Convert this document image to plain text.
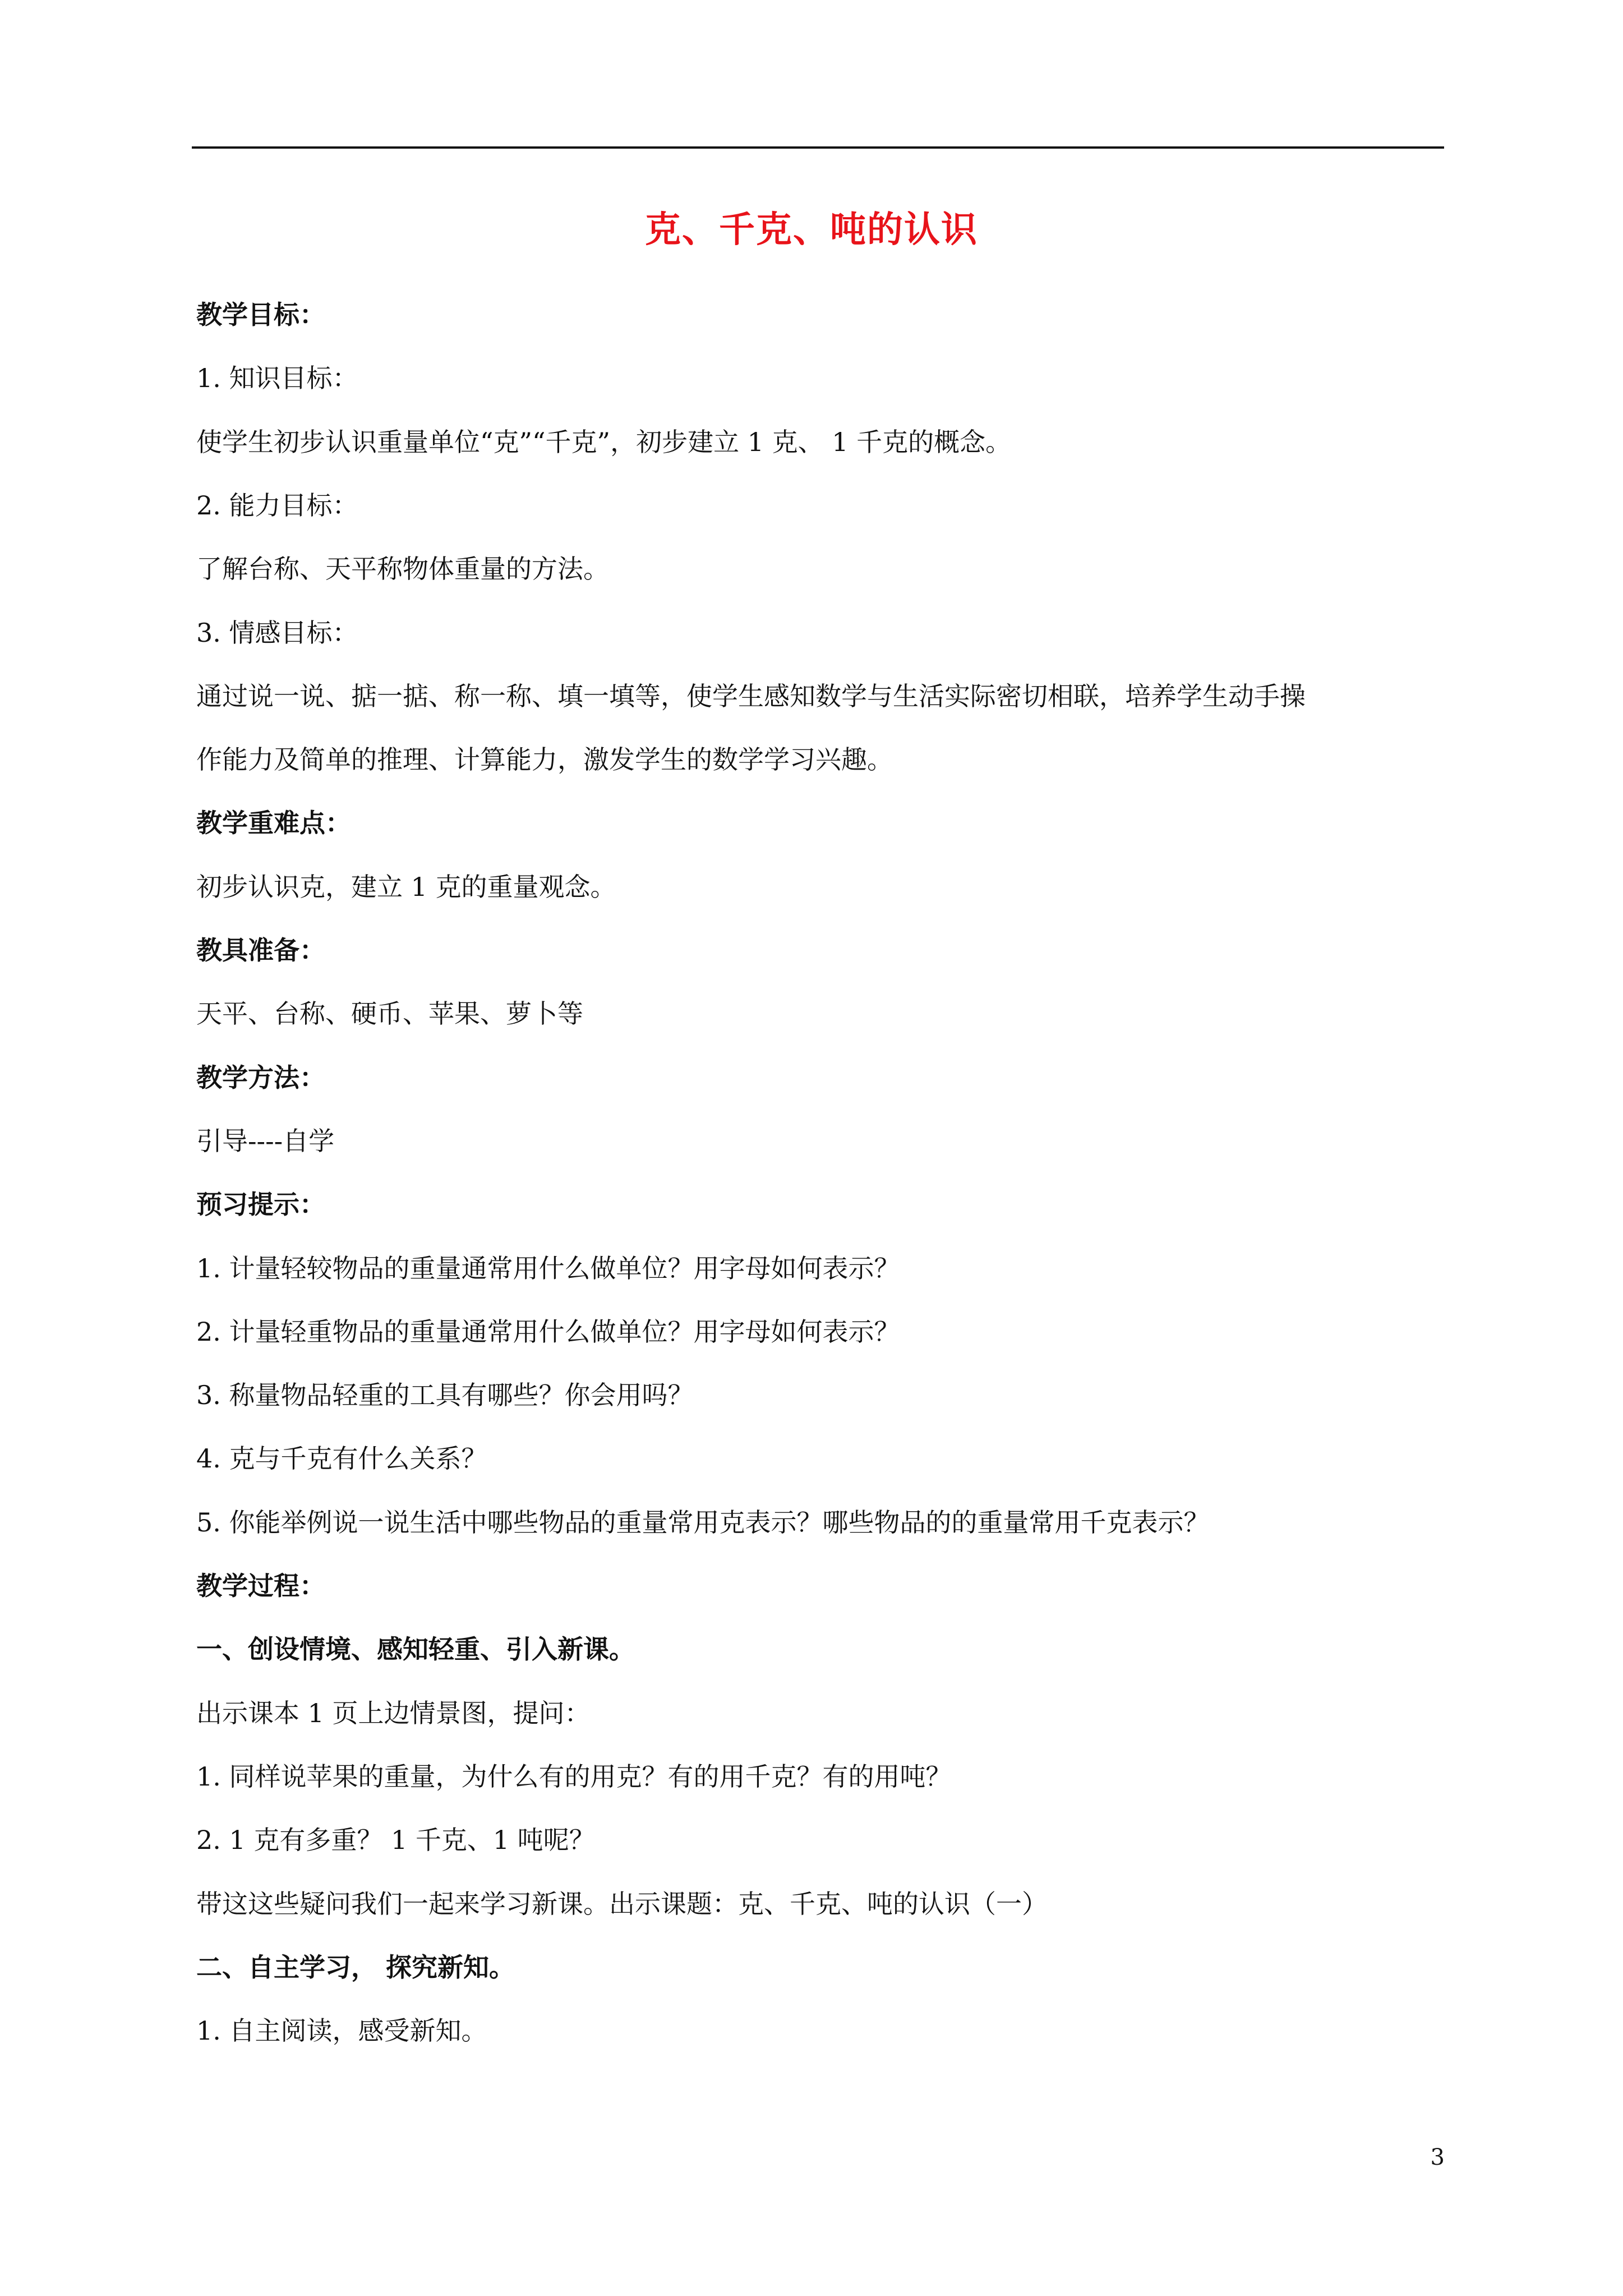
克、千克、吨的认识
教学目标：
1. 知识目标：
使学生初步认识重量单位“克”“千克”，初步建立 1 克、 1 千克的概念。
2. 能力目标：
了解台称、天平称物体重量的方法。
3. 情感目标：
通过说一说、掂一掂、称一称、填一填等，使学生感知数学与生活实际密切相联，培养学生动手操
作能力及简单的推理、计算能力，激发学生的数学学习兴趣。
教学重难点：
初步认识克，建立 1 克的重量观念。
教具准备：
天平、台称、硬币、苹果、萝卜等
教学方法：
引导----自学
预习提示：
1. 计量轻较物品的重量通常用什么做单位？用字母如何表示？
2. 计量轻重物品的重量通常用什么做单位？用字母如何表示？
3. 称量物品轻重的工具有哪些？你会用吗？
4. 克与千克有什么关系？
5. 你能举例说一说生活中哪些物品的重量常用克表示？哪些物品的的重量常用千克表示？
教学过程：
一、创设情境、感知轻重、引入新课。
出示课本 1 页上边情景图，提问：
1. 同样说苹果的重量，为什么有的用克？有的用千克？有的用吨？
2. 1 克有多重？ 1 千克、1 吨呢？
带这这些疑问我们一起来学习新课。出示课题：克、千克、吨的认识（一）
二、自主学习， 探究新知。
1. 自主阅读，感受新知。
3
